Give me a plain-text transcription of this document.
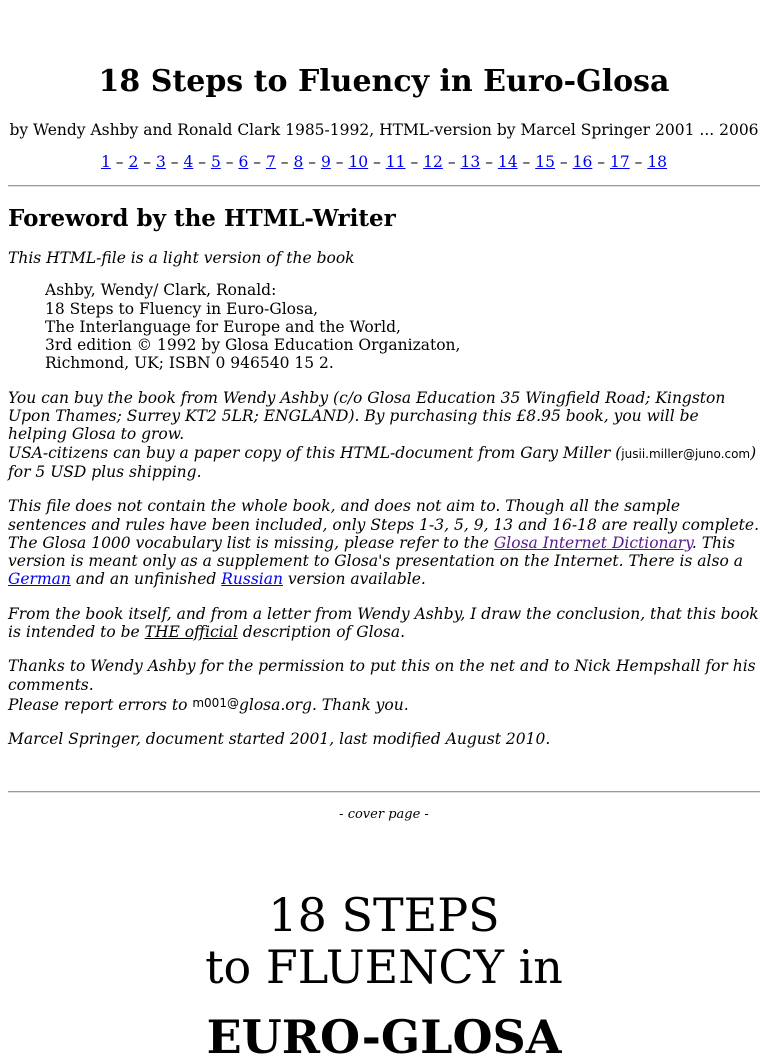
18 Steps to Fluency in Euro-Glosa
by Wendy Ashby and Ronald Clark 1985-1992, HTML-version by Marcel Springer 2001 ... 2006
1 – 2 – 3 – 4 – 5 – 6 – 7 – 8 – 9 – 10 – 11 – 12 – 13 – 14 – 15 – 16 – 17 – 18
Foreword by the HTML-Writer

This HTML-file is a light version of the book

Ashby, Wendy/ Clark, Ronald:
18 Steps to Fluency in Euro-Glosa,
The Interlanguage for Europe and the World,
3rd edition © 1992 by Glosa Education Organizaton,
Richmond, UK; ISBN 0 946540 15 2.

You can buy the book from Wendy Ashby (c/o Glosa Education 35 Wingfield Road; Kingston Upon Thames; Surrey KT2 5LR; ENGLAND). By purchasing this £8.95 book, you will be helping Glosa to grow.
USA-citizens can buy a paper copy of this HTML-document from Gary Miller (jusii.miller@juno.com) for 5 USD plus shipping.

This file does not contain the whole book, and does not aim to. Though all the sample sentences and rules have been included, only Steps 1-3, 5, 9, 13 and 16-18 are really complete. The Glosa 1000 vocabulary list is missing, please refer to the Glosa Internet Dictionary. This version is meant only as a supplement to Glosa's presentation on the Internet. There is also a German and an unfinished Russian version available.

From the book itself, and from a letter from Wendy Ashby, I draw the conclusion, that this book is intended to be THE official description of Glosa.

Thanks to Wendy Ashby for the permission to put this on the net and to Nick Hempshall for his comments.
Please report errors to m001@glosa.org. Thank you.

Marcel Springer, document started 2001, last modified August 2010.

- cover page -
18 STEPS
to FLUENCY in
EURO-GLOSA
